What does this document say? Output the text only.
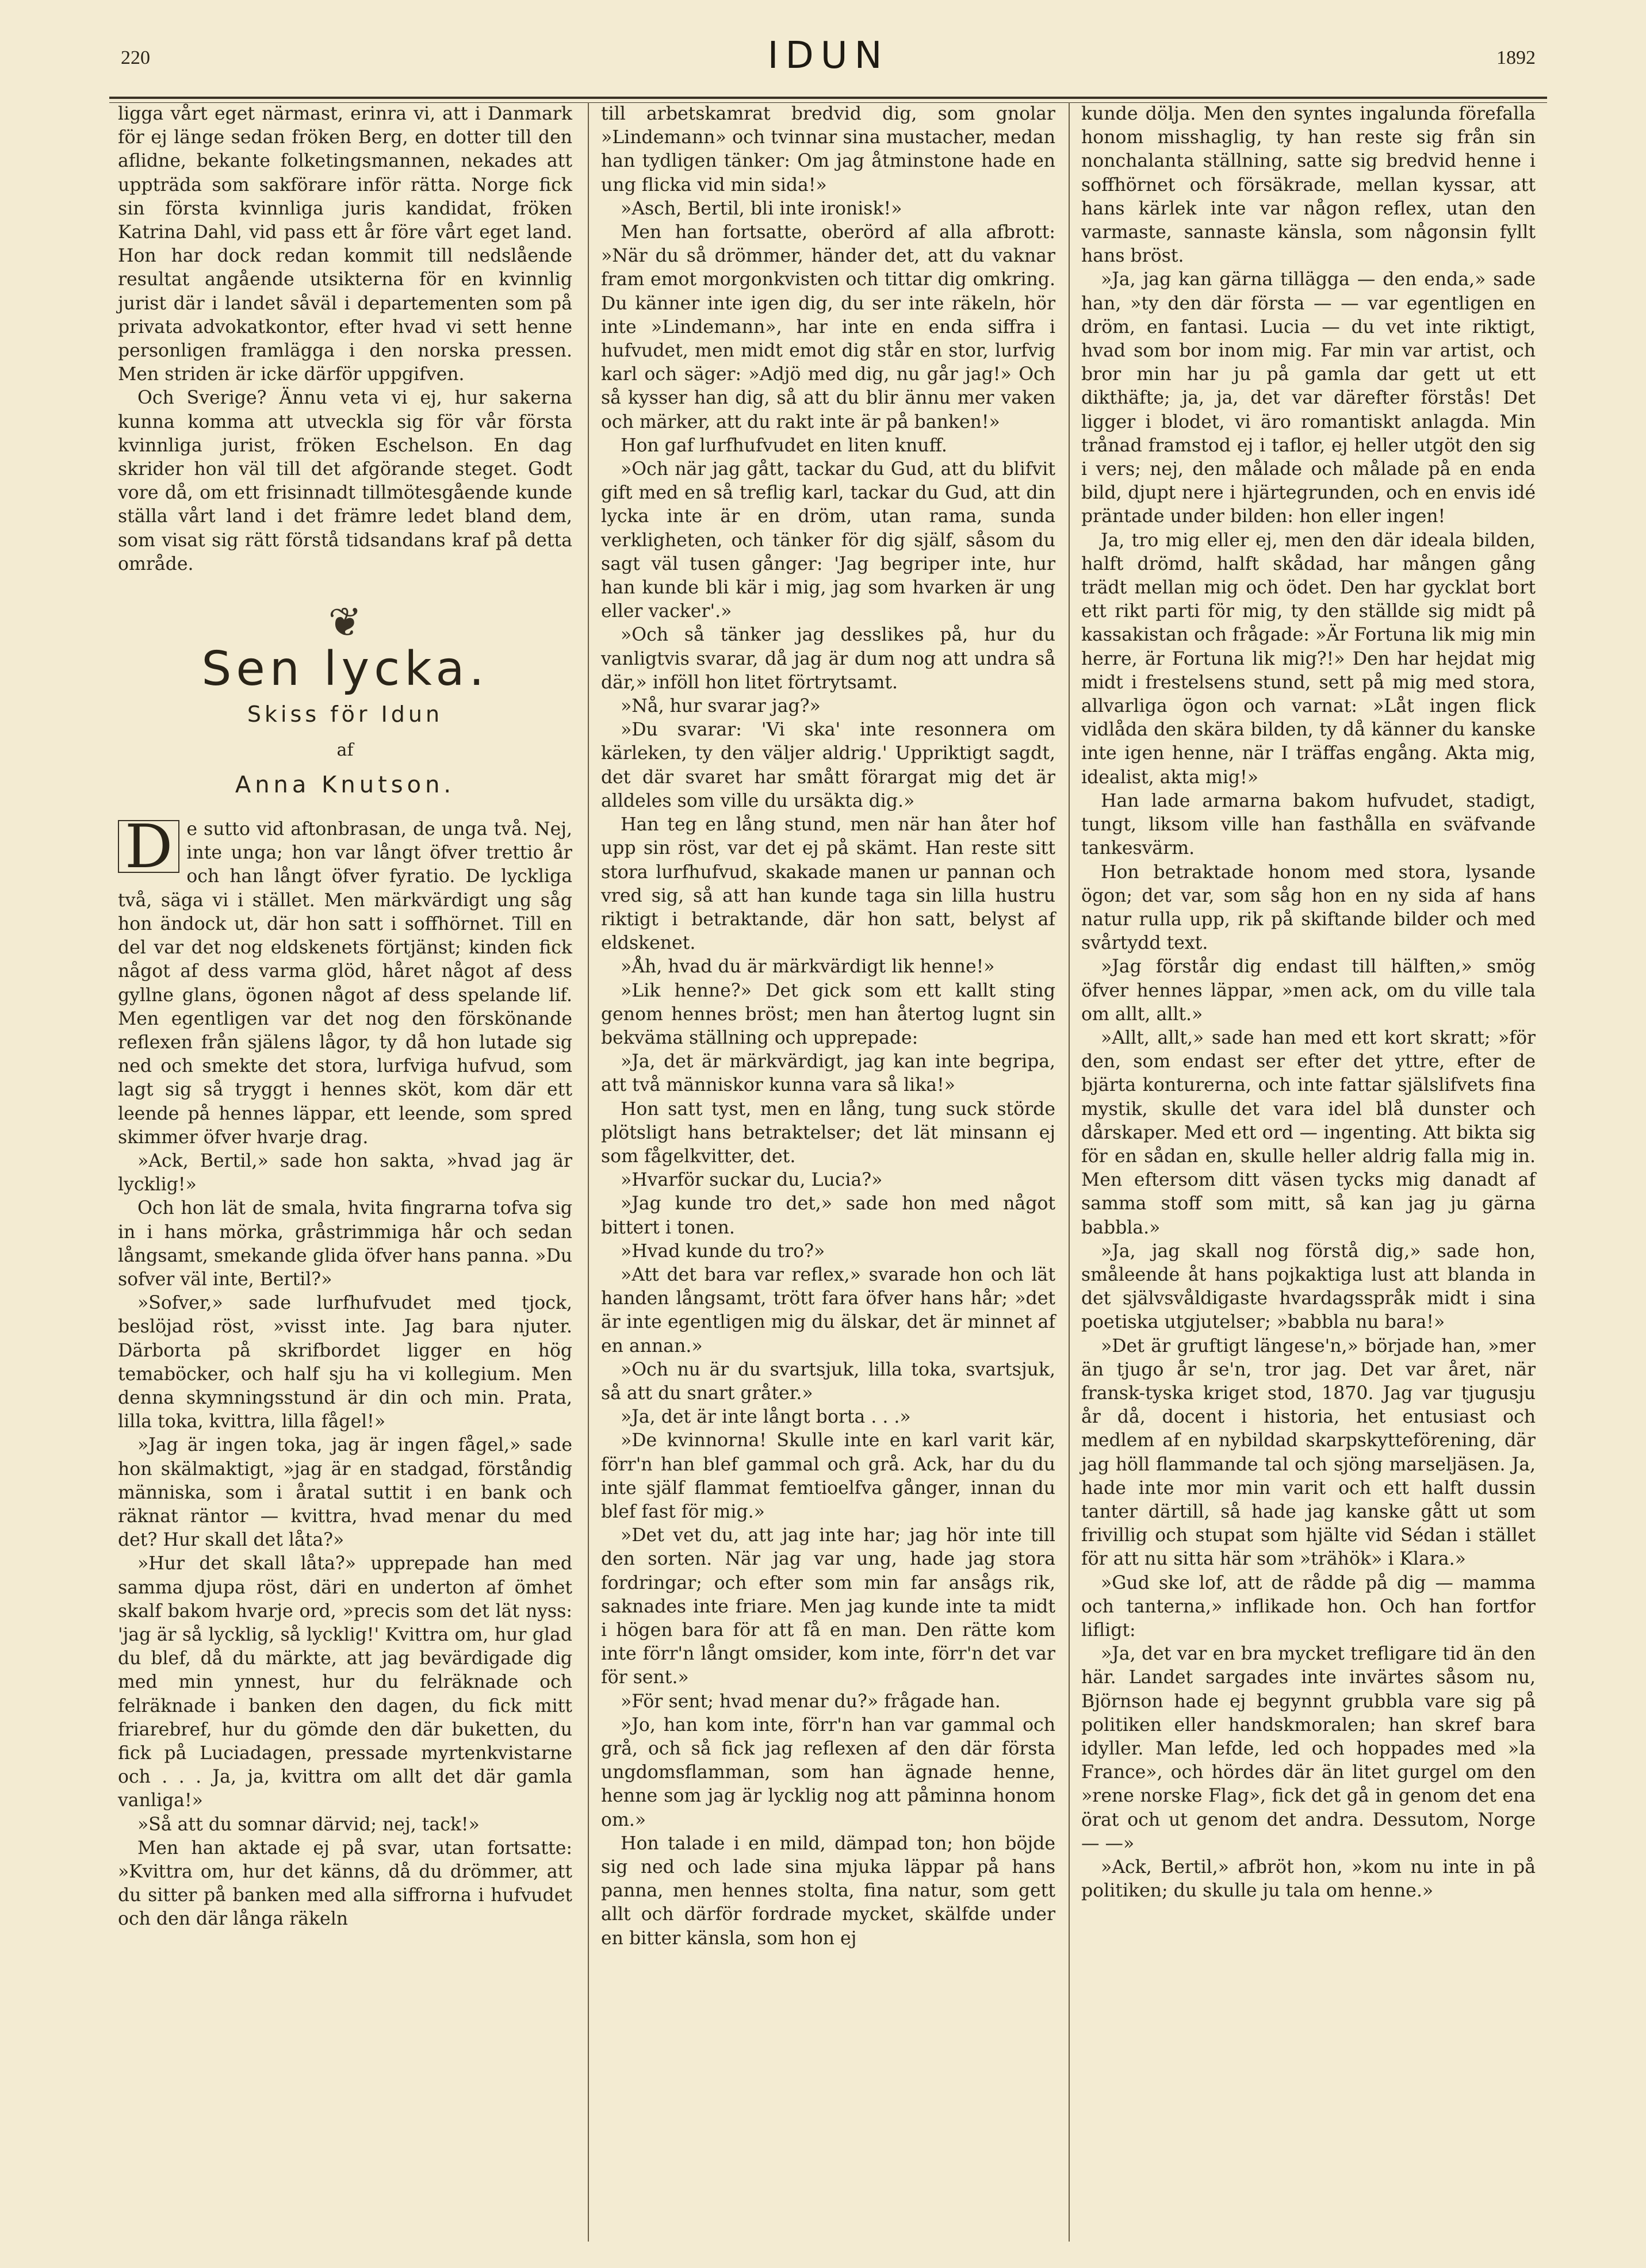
220	IDUN	1892

ligga vårt eget närmast, erinra vi, att i Danmark för ej länge sedan fröken Berg, en dotter till den aflidne, bekante folketingsmannen, nekades att uppträda som sakförare inför rätta. Norge fick sin första kvinnliga juris kandidat, fröken Katrina Dahl, vid pass ett år före vårt eget land. Hon har dock redan kommit till nedslående resultat angående utsikterna för en kvinnlig jurist där i landet såväl i departementen som på privata advokatkontor, efter hvad vi sett henne personligen framlägga i den norska pressen. Men striden är icke därför uppgifven.

Och Sverige? Ännu veta vi ej, hur sakerna kunna komma att utveckla sig för vår första kvinnliga jurist, fröken Eschelson. En dag skrider hon väl till det afgörande steget. Godt vore då, om ett frisinnadt tillmötesgående kunde ställa vårt land i det främre ledet bland dem, som visat sig rätt förstå tidsandans kraf på detta område.

❦
Sen lycka.
Skiss för Idun
af
Anna Knutson.

D e sutto vid aftonbrasan, de unga två. Nej, inte unga; hon var långt öfver trettio år och han långt öfver fyratio. De lyckliga två, säga vi i stället. Men märkvärdigt ung såg hon ändock ut, där hon satt i soffhörnet. Till en del var det nog eldskenets förtjänst; kinden fick något af dess varma glöd, håret något af dess gyllne glans, ögonen något af dess spelande lif. Men egentligen var det nog den förskönande reflexen från själens lågor, ty då hon lutade sig ned och smekte det stora, lurfviga hufvud, som lagt sig så tryggt i hennes sköt, kom där ett leende på hennes läppar, ett leende, som spred skimmer öfver hvarje drag.

»Ack, Bertil,» sade hon sakta, »hvad jag är lycklig!»

Och hon lät de smala, hvita fingrarna tofva sig in i hans mörka, gråstrimmiga hår och sedan långsamt, smekande glida öfver hans panna. »Du sofver väl inte, Bertil?»

»Sofver,» sade lurfhufvudet med tjock, beslöjad röst, »visst inte. Jag bara njuter. Därborta på skrifbordet ligger en hög temaböcker, och half sju ha vi kollegium. Men denna skymningsstund är din och min. Prata, lilla toka, kvittra, lilla fågel!»

»Jag är ingen toka, jag är ingen fågel,» sade hon skälmaktigt, »jag är en stadgad, förståndig människa, som i åratal suttit i en bank och räknat räntor — kvittra, hvad menar du med det? Hur skall det låta?»

»Hur det skall låta?» upprepade han med samma djupa röst, däri en underton af ömhet skalf bakom hvarje ord, »precis som det lät nyss: 'jag är så lycklig, så lycklig!' Kvittra om, hur glad du blef, då du märkte, att jag bevärdigade dig med min ynnest, hur du felräknade och felräknade i banken den dagen, du fick mitt friarebref, hur du gömde den där buketten, du fick på Luciadagen, pressade myrtenkvistarne och . . . Ja, ja, kvittra om allt det där gamla vanliga!»

»Så att du somnar därvid; nej, tack!»

Men han aktade ej på svar, utan fortsatte: »Kvittra om, hur det känns, då du drömmer, att du sitter på banken med alla siffrorna i hufvudet och den där långa räkeln

till arbetskamrat bredvid dig, som gnolar »Lindemann» och tvinnar sina mustacher, medan han tydligen tänker: Om jag åtminstone hade en ung flicka vid min sida!»

»Asch, Bertil, bli inte ironisk!»

Men han fortsatte, oberörd af alla afbrott: »När du så drömmer, händer det, att du vaknar fram emot morgonkvisten och tittar dig omkring. Du känner inte igen dig, du ser inte räkeln, hör inte »Lindemann», har inte en enda siffra i hufvudet, men midt emot dig står en stor, lurfvig karl och säger: »Adjö med dig, nu går jag!» Och så kysser han dig, så att du blir ännu mer vaken och märker, att du rakt inte är på banken!»

Hon gaf lurfhufvudet en liten knuff.

»Och när jag gått, tackar du Gud, att du blifvit gift med en så treflig karl, tackar du Gud, att din lycka inte är en dröm, utan rama, sunda verkligheten, och tänker för dig själf, såsom du sagt väl tusen gånger: 'Jag begriper inte, hur han kunde bli kär i mig, jag som hvarken är ung eller vacker'.»

»Och så tänker jag desslikes på, hur du vanligtvis svarar, då jag är dum nog att undra så där,» inföll hon litet förtrytsamt.

»Nå, hur svarar jag?»

»Du svarar: 'Vi ska' inte resonnera om kärleken, ty den väljer aldrig.' Uppriktigt sagdt, det där svaret har smått förargat mig det är alldeles som ville du ursäkta dig.»

Han teg en lång stund, men när han åter hof upp sin röst, var det ej på skämt. Han reste sitt stora lurfhufvud, skakade manen ur pannan och vred sig, så att han kunde taga sin lilla hustru riktigt i betraktande, där hon satt, belyst af eldskenet.

»Åh, hvad du är märkvärdigt lik henne!»

»Lik henne?» Det gick som ett kallt sting genom hennes bröst; men han återtog lugnt sin bekväma ställning och upprepade:

»Ja, det är märkvärdigt, jag kan inte begripa, att två människor kunna vara så lika!»

Hon satt tyst, men en lång, tung suck störde plötsligt hans betraktelser; det lät minsann ej som fågelkvitter, det.

»Hvarför suckar du, Lucia?»

»Jag kunde tro det,» sade hon med något bittert i tonen.

»Hvad kunde du tro?»

»Att det bara var reflex,» svarade hon och lät handen långsamt, trött fara öfver hans hår; »det är inte egentligen mig du älskar, det är minnet af en annan.»

»Och nu är du svartsjuk, lilla toka, svartsjuk, så att du snart gråter.»

»Ja, det är inte långt borta . . .»

»De kvinnorna! Skulle inte en karl varit kär, förr'n han blef gammal och grå. Ack, har du du inte själf flammat femtioelfva gånger, innan du blef fast för mig.»

»Det vet du, att jag inte har; jag hör inte till den sorten. När jag var ung, hade jag stora fordringar; och efter som min far ansågs rik, saknades inte friare. Men jag kunde inte ta midt i högen bara för att få en man. Den rätte kom inte förr'n långt omsider, kom inte, förr'n det var för sent.»

»För sent; hvad menar du?» frågade han.

»Jo, han kom inte, förr'n han var gammal och grå, och så fick jag reflexen af den där första ungdomsflamman, som han ägnade henne, henne som jag är lycklig nog att påminna honom om.»

Hon talade i en mild, dämpad ton; hon böjde sig ned och lade sina mjuka läppar på hans panna, men hennes stolta, fina natur, som gett allt och därför fordrade mycket, skälfde under en bitter känsla, som hon ej

kunde dölja. Men den syntes ingalunda förefalla honom misshaglig, ty han reste sig från sin nonchalanta ställning, satte sig bredvid henne i soffhörnet och försäkrade, mellan kyssar, att hans kärlek inte var någon reflex, utan den varmaste, sannaste känsla, som någonsin fyllt hans bröst.

»Ja, jag kan gärna tillägga — den enda,» sade han, »ty den där första — — var egentligen en dröm, en fantasi. Lucia — du vet inte riktigt, hvad som bor inom mig. Far min var artist, och bror min har ju på gamla dar gett ut ett dikthäfte; ja, ja, det var därefter förstås! Det ligger i blodet, vi äro romantiskt anlagda. Min trånad framstod ej i taflor, ej heller utgöt den sig i vers; nej, den målade och målade på en enda bild, djupt nere i hjärtegrunden, och en envis idé präntade under bilden: hon eller ingen!

Ja, tro mig eller ej, men den där ideala bilden, halft drömd, halft skådad, har mången gång trädt mellan mig och ödet. Den har gycklat bort ett rikt parti för mig, ty den ställde sig midt på kassakistan och frågade: »Är Fortuna lik mig min herre, är Fortuna lik mig?!» Den har hejdat mig midt i frestelsens stund, sett på mig med stora, allvarliga ögon och varnat: »Låt ingen flick vidlåda den skära bilden, ty då känner du kanske inte igen henne, när I träffas engång. Akta mig, idealist, akta mig!»

Han lade armarna bakom hufvudet, stadigt, tungt, liksom ville han fasthålla en sväfvande tankesvärm.

Hon betraktade honom med stora, lysande ögon; det var, som såg hon en ny sida af hans natur rulla upp, rik på skiftande bilder och med svårtydd text.

»Jag förstår dig endast till hälften,» smög öfver hennes läppar, »men ack, om du ville tala om allt, allt.»

»Allt, allt,» sade han med ett kort skratt; »för den, som endast ser efter det yttre, efter de bjärta konturerna, och inte fattar själslifvets fina mystik, skulle det vara idel blå dunster och dårskaper. Med ett ord — ingenting. Att bikta sig för en sådan en, skulle heller aldrig falla mig in. Men eftersom ditt väsen tycks mig danadt af samma stoff som mitt, så kan jag ju gärna babbla.»

»Ja, jag skall nog förstå dig,» sade hon, småleende åt hans pojkaktiga lust att blanda in det självsvåldigaste hvardagsspråk midt i sina poetiska utgjutelser; »babbla nu bara!»

»Det är gruftigt längese'n,» började han, »mer än tjugo år se'n, tror jag. Det var året, när fransk-tyska kriget stod, 1870. Jag var tjugusju år då, docent i historia, het entusiast och medlem af en nybildad skarpskytteförening, där jag höll flammande tal och sjöng marseljäsen. Ja, hade inte mor min varit och ett halft dussin tanter därtill, så hade jag kanske gått ut som frivillig och stupat som hjälte vid Sédan i stället för att nu sitta här som »trähök» i Klara.»

»Gud ske lof, att de rådde på dig — mamma och tanterna,» inflikade hon. Och han fortfor lifligt:

»Ja, det var en bra mycket trefligare tid än den här. Landet sargades inte invärtes såsom nu, Björnson hade ej begynnt grubbla vare sig på politiken eller handskmoralen; han skref bara idyller. Man lefde, led och hoppades med »la France», och hördes där än litet gurgel om den »rene norske Flag», fick det gå in genom det ena örat och ut genom det andra. Dessutom, Norge — —»

»Ack, Bertil,» afbröt hon, »kom nu inte in på politiken; du skulle ju tala om henne.»
